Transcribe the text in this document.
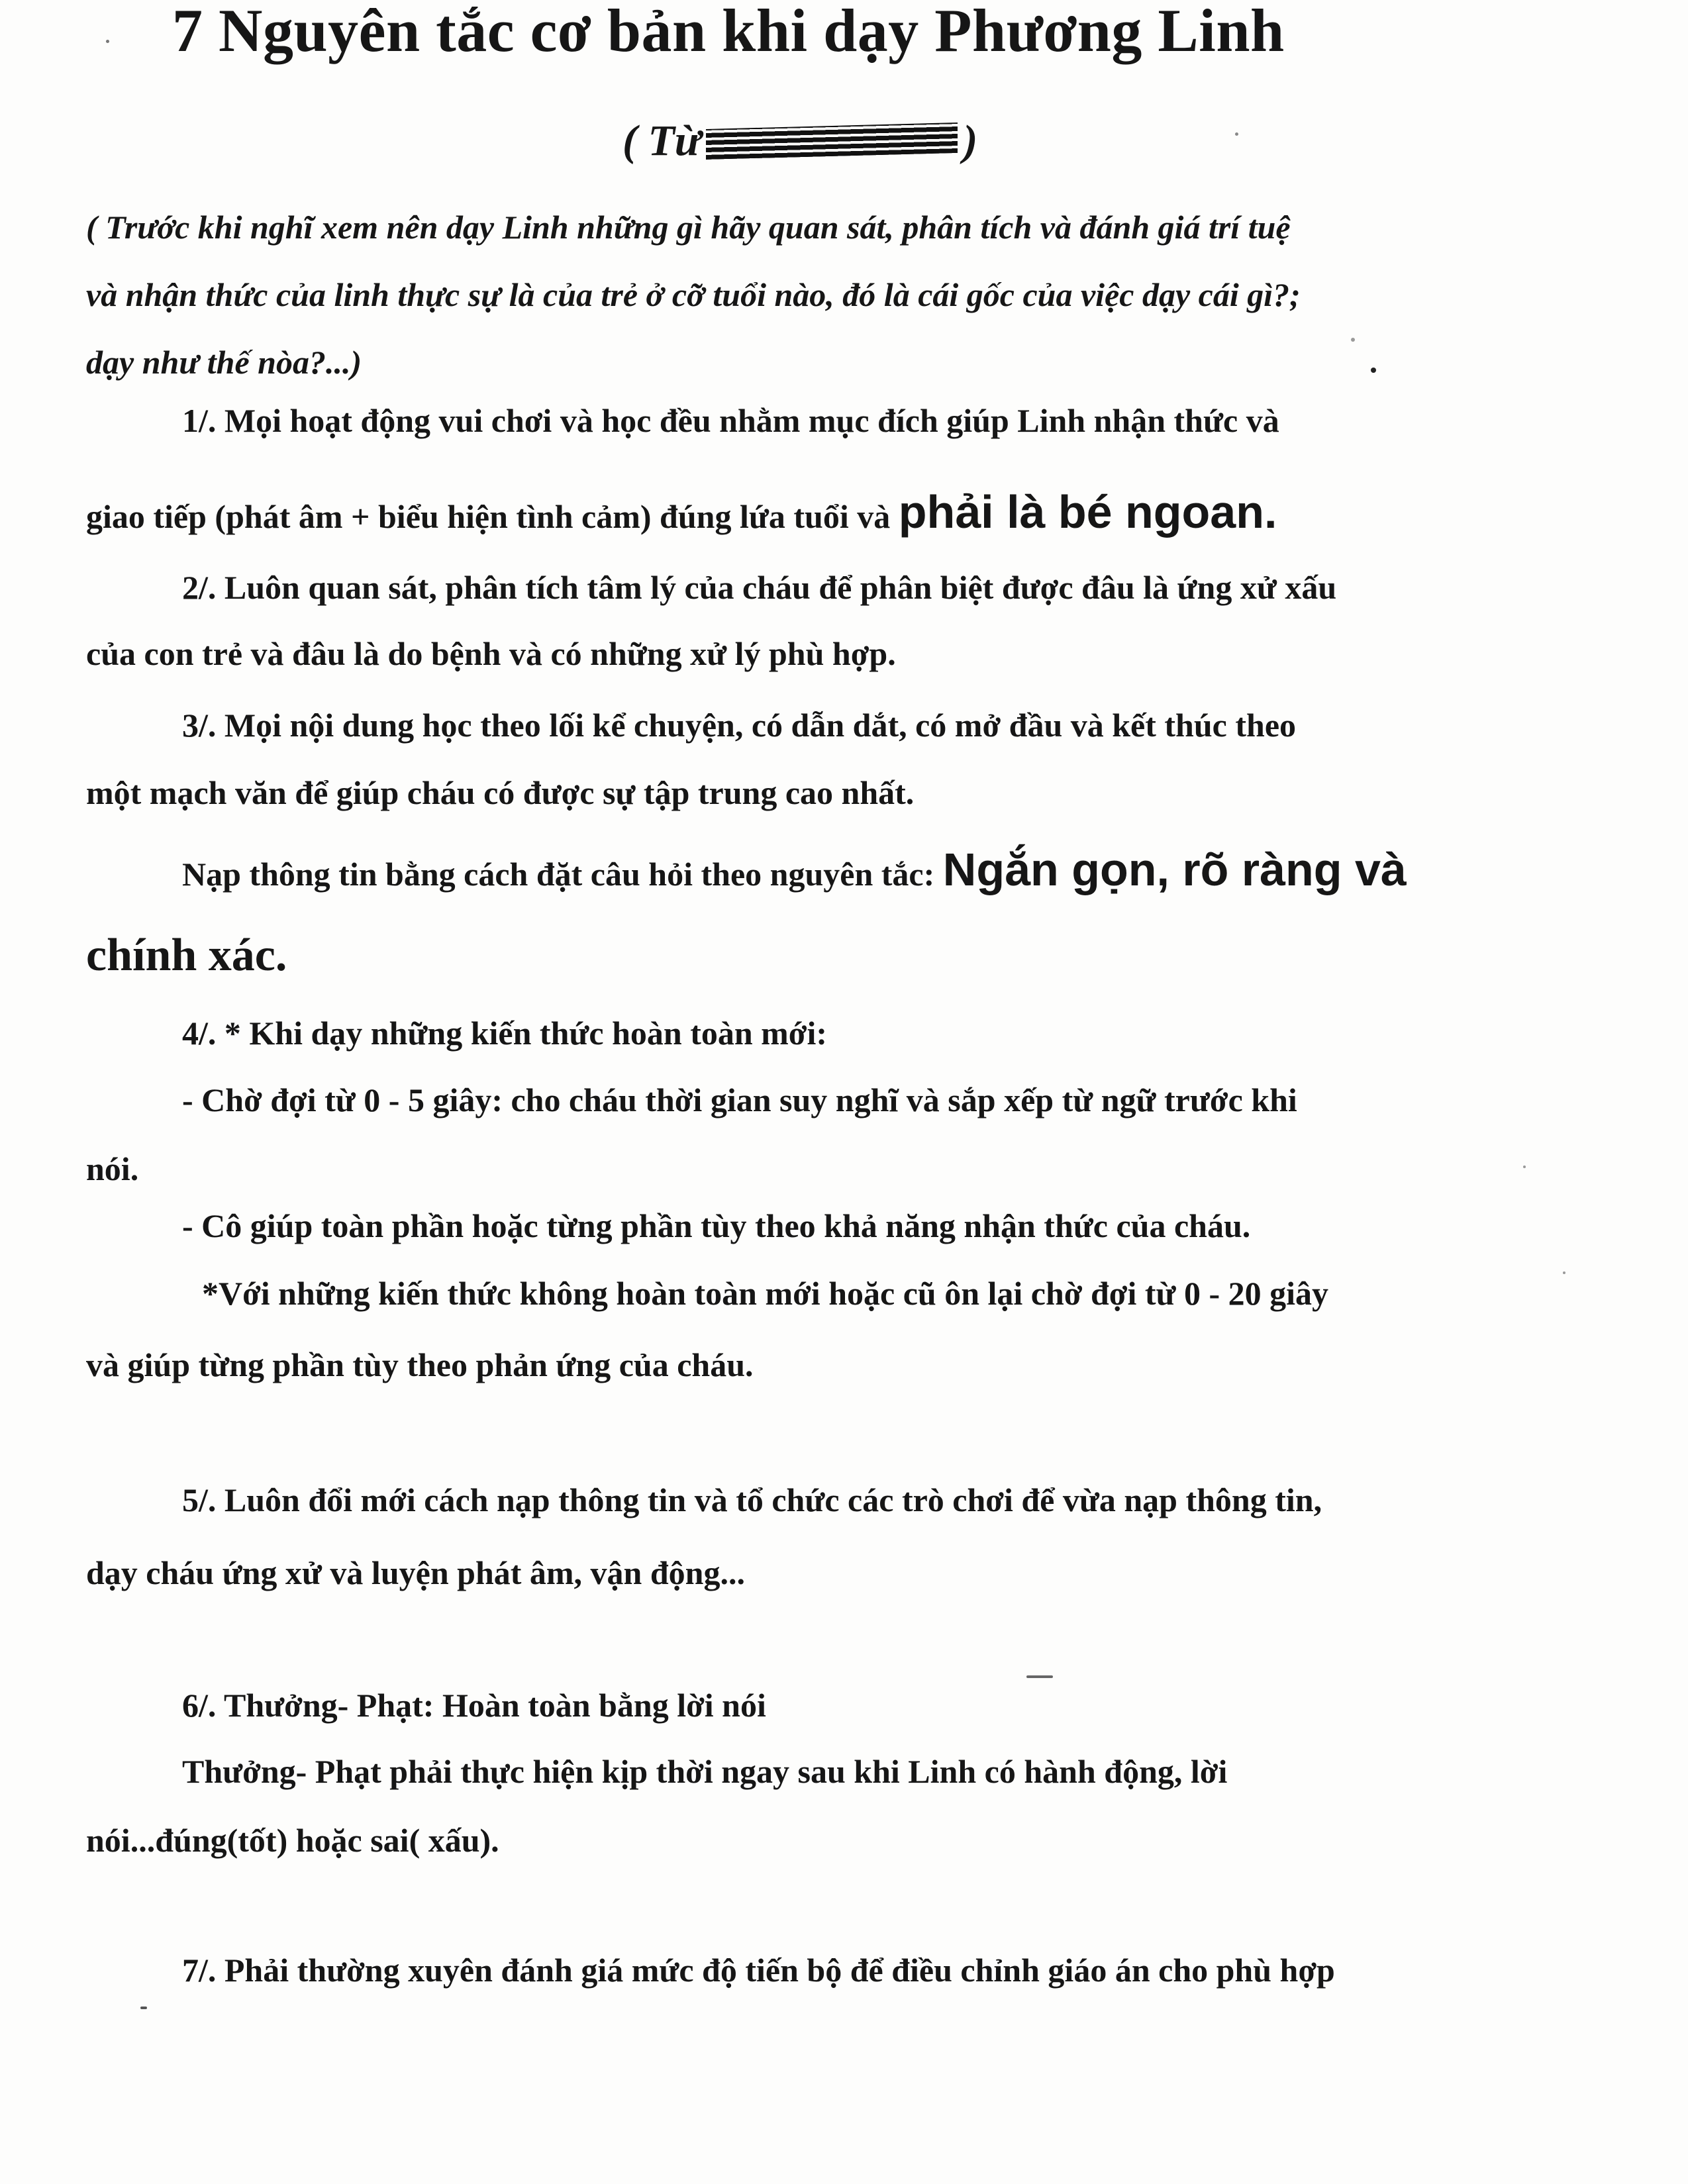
7 Nguyên tắc cơ bản khi dạy Phương Linh
( Từ	)

( Trước khi nghĩ xem nên dạy Linh những gì hãy quan sát, phân tích và đánh giá trí tuệ

và nhận thức của linh thực sự là của trẻ ở cỡ tuổi nào, đó là cái gốc của việc dạy cái gì?;

dạy như thế nòa?...)

1/. Mọi hoạt động vui chơi và học đều nhằm mục đích giúp Linh nhận thức và

giao tiếp (phát âm + biểu hiện tình cảm) đúng lứa tuổi và phải là bé ngoan.

2/. Luôn quan sát, phân tích tâm lý của cháu để phân biệt được đâu là ứng xử xấu

của con trẻ và đâu là do bệnh và có những xử lý phù hợp.

3/. Mọi nội dung học theo lối kể chuyện, có dẫn dắt, có mở đầu và kết thúc theo

một mạch văn để giúp cháu có được sự tập trung cao nhất.

Nạp thông tin bằng cách đặt câu hỏi theo nguyên tắc: Ngắn gọn, rõ ràng và

chính xác.

4/. * Khi dạy những kiến thức hoàn toàn mới:

- Chờ đợi từ 0 - 5 giây: cho cháu thời gian suy nghĩ và sắp xếp từ ngữ trước khi

nói.

- Cô giúp toàn phần hoặc từng phần tùy theo khả năng nhận thức của cháu.

*Với những kiến thức không hoàn toàn mới hoặc cũ ôn lại chờ đợi từ 0 - 20 giây

và giúp từng phần tùy theo phản ứng của cháu.

5/. Luôn đổi mới cách nạp thông tin và tổ chức các trò chơi để vừa nạp thông tin,

dạy cháu ứng xử và luyện phát âm, vận động...

6/. Thưởng- Phạt: Hoàn toàn bằng lời nói

Thưởng- Phạt phải thực hiện kịp thời ngay sau khi Linh có hành động, lời

nói...đúng(tốt) hoặc sai( xấu).

7/. Phải thường xuyên đánh giá mức độ tiến bộ để điều chỉnh giáo án cho phù hợp
